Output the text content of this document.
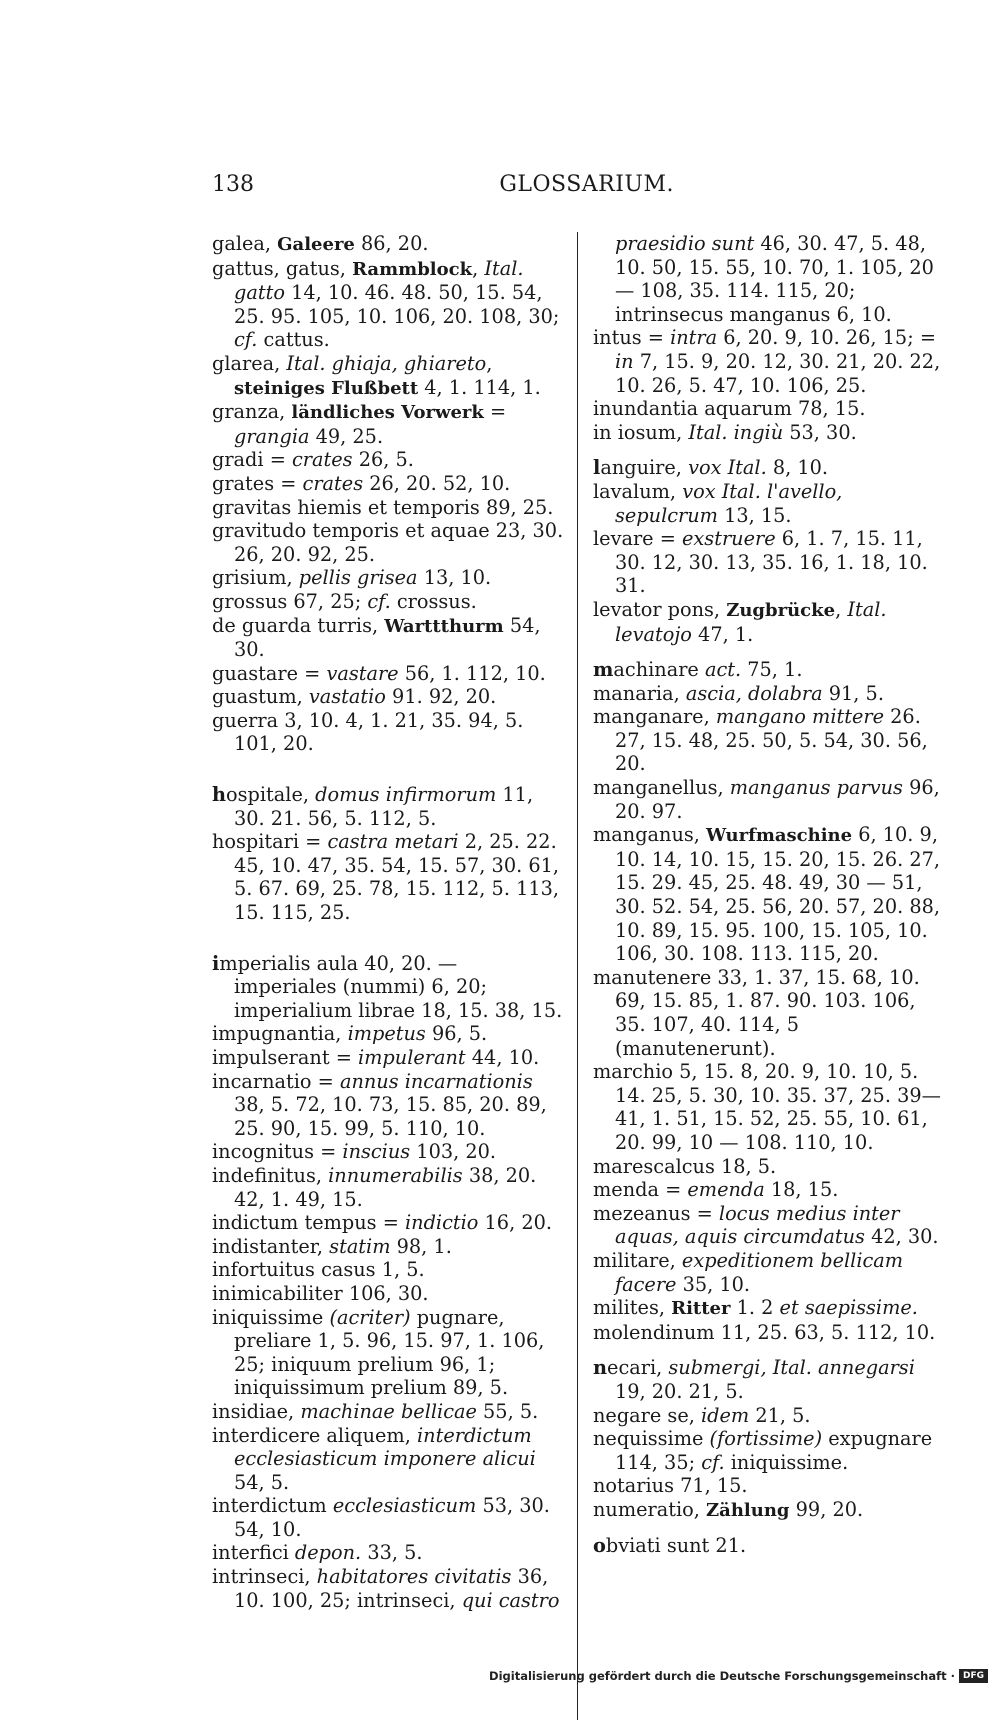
138	GLOSSARIUM.

galea, Galeere 86, 20.

gattus, gatus, Rammblock, Ital. gatto 14, 10. 46. 48. 50, 15. 54, 25. 95. 105, 10. 106, 20. 108, 30; cf. cattus.

glarea, Ital. ghiaja, ghiareto, steiniges Flußbett 4, 1. 114, 1.

granza, ländliches Vorwerk = grangia 49, 25.

gradi = crates 26, 5.

grates = crates 26, 20. 52, 10.

gravitas hiemis et temporis 89, 25.

gravitudo temporis et aquae 23, 30. 26, 20. 92, 25.

grisium, pellis grisea 13, 10.

grossus 67, 25; cf. crossus.

de guarda turris, Warttthurm 54, 30.

guastare = vastare 56, 1. 112, 10.

guastum, vastatio 91. 92, 20.

guerra 3, 10. 4, 1. 21, 35. 94, 5. 101, 20.

hospitale, domus infirmorum 11, 30. 21. 56, 5. 112, 5.

hospitari = castra metari 2, 25. 22. 45, 10. 47, 35. 54, 15. 57, 30. 61, 5. 67. 69, 25. 78, 15. 112, 5. 113, 15. 115, 25.

imperialis aula 40, 20. — imperiales (nummi) 6, 20; imperialium librae 18, 15. 38, 15.

impugnantia, impetus 96, 5.

impulserant = impulerant 44, 10.

incarnatio = annus incarnationis 38, 5. 72, 10. 73, 15. 85, 20. 89, 25. 90, 15. 99, 5. 110, 10.

incognitus = inscius 103, 20.

indefinitus, innumerabilis 38, 20. 42, 1. 49, 15.

indictum tempus = indictio 16, 20.

indistanter, statim 98, 1.

infortuitus casus 1, 5.

inimicabiliter 106, 30.

iniquissime (acriter) pugnare, preliare 1, 5. 96, 15. 97, 1. 106, 25; iniquum prelium 96, 1; iniquissimum prelium 89, 5.

insidiae, machinae bellicae 55, 5.

interdicere aliquem, interdictum ecclesiasticum imponere alicui 54, 5.

interdictum ecclesiasticum 53, 30. 54, 10.

interfici depon. 33, 5.

intrinseci, habitatores civitatis 36, 10. 100, 25; intrinseci, qui castro

praesidio sunt 46, 30. 47, 5. 48, 10. 50, 15. 55, 10. 70, 1. 105, 20 — 108, 35. 114. 115, 20; intrinsecus manganus 6, 10.

intus = intra 6, 20. 9, 10. 26, 15; = in 7, 15. 9, 20. 12, 30. 21, 20. 22, 10. 26, 5. 47, 10. 106, 25.

inundantia aquarum 78, 15.

in iosum, Ital. ingiù 53, 30.

languire, vox Ital. 8, 10.

lavalum, vox Ital. l'avello, sepulcrum 13, 15.

levare = exstruere 6, 1. 7, 15. 11, 30. 12, 30. 13, 35. 16, 1. 18, 10. 31.

levator pons, Zugbrücke, Ital. levatojo 47, 1.

machinare act. 75, 1.

manaria, ascia, dolabra 91, 5.

manganare, mangano mittere 26. 27, 15. 48, 25. 50, 5. 54, 30. 56, 20.

manganellus, manganus parvus 96, 20. 97.

manganus, Wurfmaschine 6, 10. 9, 10. 14, 10. 15, 15. 20, 15. 26. 27, 15. 29. 45, 25. 48. 49, 30 — 51, 30. 52. 54, 25. 56, 20. 57, 20. 88, 10. 89, 15. 95. 100, 15. 105, 10. 106, 30. 108. 113. 115, 20.

manutenere 33, 1. 37, 15. 68, 10. 69, 15. 85, 1. 87. 90. 103. 106, 35. 107, 40. 114, 5 (manutenerunt).

marchio 5, 15. 8, 20. 9, 10. 10, 5. 14. 25, 5. 30, 10. 35. 37, 25. 39—41, 1. 51, 15. 52, 25. 55, 10. 61, 20. 99, 10 — 108. 110, 10.

marescalcus 18, 5.

menda = emenda 18, 15.

mezeanus = locus medius inter aquas, aquis circumdatus 42, 30.

militare, expeditionem bellicam facere 35, 10.

milites, Ritter 1. 2 et saepissime.

molendinum 11, 25. 63, 5. 112, 10.

necari, submergi, Ital. annegarsi 19, 20. 21, 5.

negare se, idem 21, 5.

nequissime (fortissime) expugnare 114, 35; cf. iniquissime.

notarius 71, 15.

numeratio, Zählung 99, 20.

obviati sunt 21.

Digitalisierung gefördert durch die Deutsche Forschungsgemeinschaft · DFG
